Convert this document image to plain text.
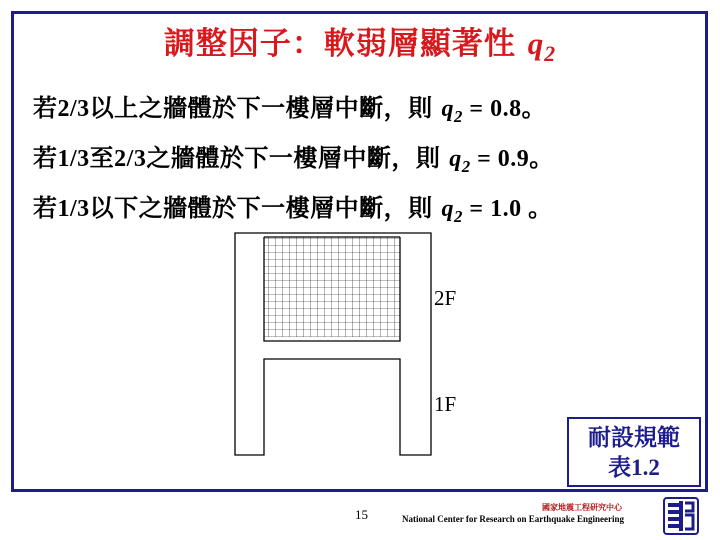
調整因子：軟弱層顯著性 $q_2$
若2/3以上之牆體於下一樓層中斷，則 $q_2 = 0.8$。
若1/3至2/3之牆體於下一樓層中斷，則 $q_2 = 0.9$。
若1/3以下之牆體於下一樓層中斷，則 $q_2 = 1.0$ 。
2F
1F
耐設規範
表1.2
15	國家地震工程研究中心
National Center for Research on Earthquake Engineering
